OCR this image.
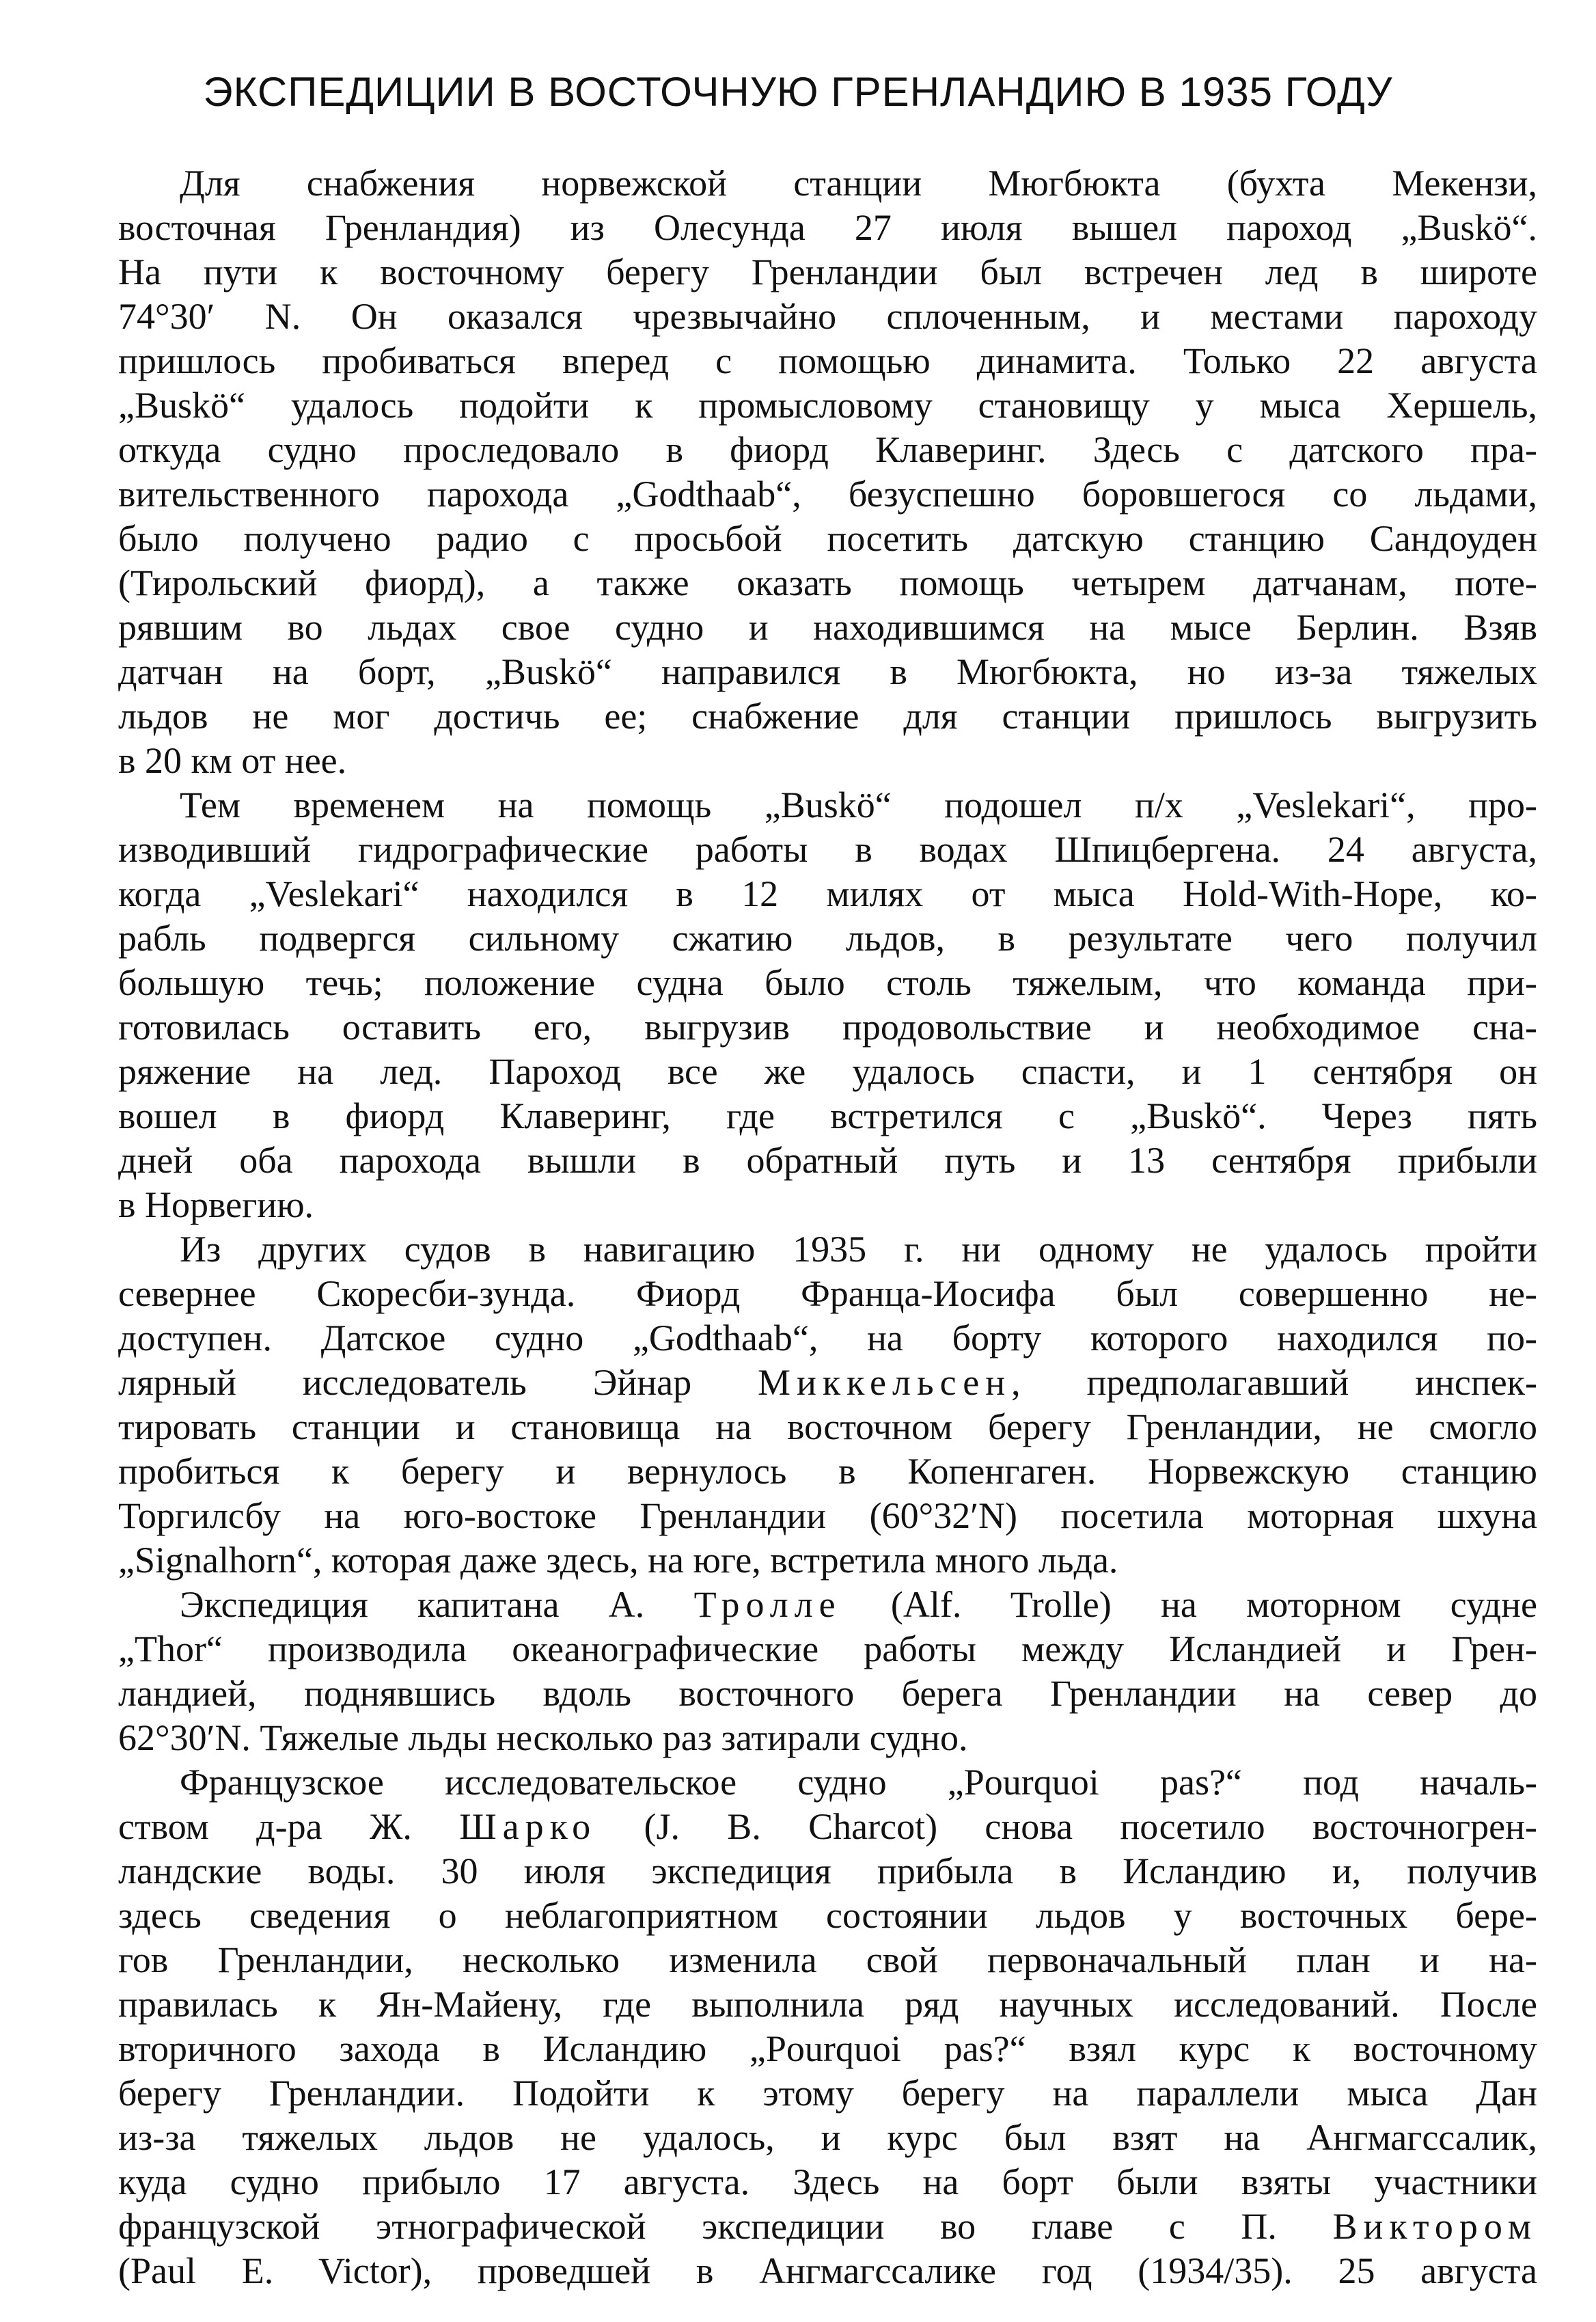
ЭКСПЕДИЦИИ В ВОСТОЧНУЮ ГРЕНЛАНДИЮ В 1935 ГОДУ
Для снабжения норвежской станции Мюгбюкта (бухта Мекензи,
восточная Гренландия) из Олесунда 27 июля вышел пароход „Buskö“.
На пути к восточному берегу Гренландии был встречен лед в широте
74°30′ N. Он оказался чрезвычайно сплоченным, и местами пароходу
пришлось пробиваться вперед с помощью динамита. Только 22 августа
„Buskö“ удалось подойти к промысловому становищу у мыса Хершель,
откуда судно проследовало в фиорд Клаверинг. Здесь с датского пра-
вительственного парохода „Godthaab“, безуспешно боровшегося со льдами,
было получено радио с просьбой посетить датскую станцию Сандоуден
(Тирольский фиорд), а также оказать помощь четырем датчанам, поте-
рявшим во льдах свое судно и находившимся на мысе Берлин. Взяв
датчан на борт, „Buskö“ направился в Мюгбюкта, но из-за тяжелых
льдов не мог достичь ее; снабжение для станции пришлось выгрузить
в 20 км от нее.
Тем временем на помощь „Buskö“ подошел п/х „Veslekari“, про-
изводивший гидрографические работы в водах Шпицбергена. 24 августа,
когда „Veslekari“ находился в 12 милях от мыса Hold-With-Hope, ко-
рабль подвергся сильному сжатию льдов, в результате чего получил
большую течь; положение судна было столь тяжелым, что команда при-
готовилась оставить его, выгрузив продовольствие и необходимое сна-
ряжение на лед. Пароход все же удалось спасти, и 1 сентября он
вошел в фиорд Клаверинг, где встретился с „Buskö“. Через пять
дней оба парохода вышли в обратный путь и 13 сентября прибыли
в Норвегию.
Из других судов в навигацию 1935 г. ни одному не удалось пройти
севернее Скоресби-зунда. Фиорд Франца-Иосифа был совершенно не-
доступен. Датское судно „Godthaab“, на борту которого находился по-
лярный исследователь Эйнар Миккельсен, предполагавший инспек-
тировать станции и становища на восточном берегу Гренландии, не смогло
пробиться к берегу и вернулось в Копенгаген. Норвежскую станцию
Торгилсбу на юго-востоке Гренландии (60°32′N) посетила моторная шхуна
„Signalhorn“, которая даже здесь, на юге, встретила много льда.
Экспедиция капитана А. Тролле (Alf. Trolle) на моторном судне
„Thor“ производила океанографические работы между Исландией и Грен-
ландией, поднявшись вдоль восточного берега Гренландии на север до
62°30′N. Тяжелые льды несколько раз затирали судно.
Французское исследовательское судно „Pourquoi pas?“ под началь-
ством д-ра Ж. Шарко (J. B. Charcot) снова посетило восточногрен-
ландские воды. 30 июля экспедиция прибыла в Исландию и, получив
здесь сведения о неблагоприятном состоянии льдов у восточных бере-
гов Гренландии, несколько изменила свой первоначальный план и на-
правилась к Ян-Майену, где выполнила ряд научных исследований. После
вторичного захода в Исландию „Pourquoi pas?“ взял курс к восточному
берегу Гренландии. Подойти к этому берегу на параллели мыса Дан
из-за тяжелых льдов не удалось, и курс был взят на Ангмагссалик,
куда судно прибыло 17 августа. Здесь на борт были взяты участники
французской этнографической экспедиции во главе с П. Виктором
(Paul E. Victor), проведшей в Ангмагссалике год (1934/35). 25 августа
